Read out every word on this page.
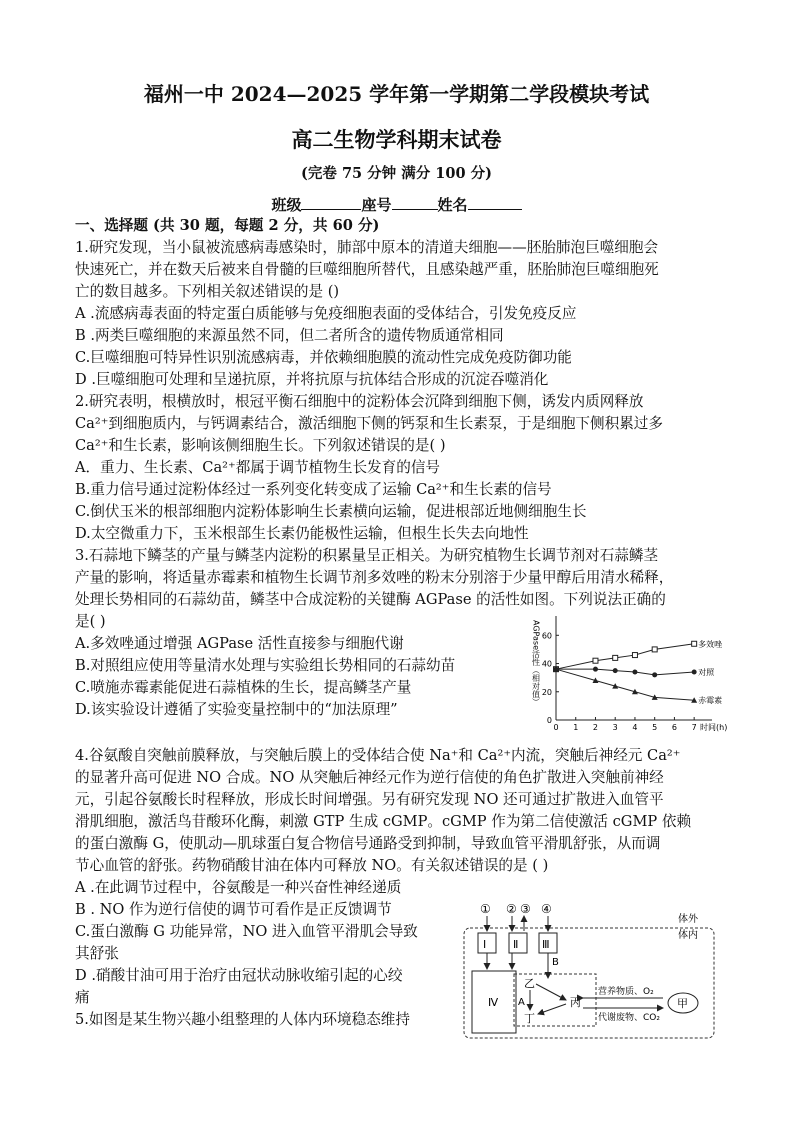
福州一中 2024—2025 学年第一学期第二学段模块考试
高二生物学科期末试卷
(完卷 75 分钟 满分 100 分)
班级	座号	姓名
一、选择题 (共 30 题，每题 2 分，共 60 分)
1.研究发现，当小鼠被流感病毒感染时，肺部中原本的清道夫细胞——胚胎肺泡巨噬细胞会
快速死亡，并在数天后被来自骨髓的巨噬细胞所替代，且感染越严重，胚胎肺泡巨噬细胞死
亡的数目越多。下列相关叙述错误的是 ()
A .流感病毒表面的特定蛋白质能够与免疫细胞表面的受体结合，引发免疫反应
B .两类巨噬细胞的来源虽然不同，但二者所含的遗传物质通常相同
C.巨噬细胞可特异性识别流感病毒，并依赖细胞膜的流动性完成免疫防御功能
D .巨噬细胞可处理和呈递抗原，并将抗原与抗体结合形成的沉淀吞噬消化
2.研究表明，根横放时，根冠平衡石细胞中的淀粉体会沉降到细胞下侧，诱发内质网释放
Ca²⁺到细胞质内，与钙调素结合，激活细胞下侧的钙泵和生长素泵，于是细胞下侧积累过多
Ca²⁺和生长素，影响该侧细胞生长。下列叙述错误的是( )
A．重力、生长素、Ca²⁺都属于调节植物生长发育的信号
B.重力信号通过淀粉体经过一系列变化转变成了运输 Ca²⁺和生长素的信号
C.倒伏玉米的根部细胞内淀粉体影响生长素横向运输，促进根部近地侧细胞生长
D.太空微重力下，玉米根部生长素仍能极性运输，但根生长失去向地性
3.石蒜地下鳞茎的产量与鳞茎内淀粉的积累量呈正相关。为研究植物生长调节剂对石蒜鳞茎
产量的影响，将适量赤霉素和植物生长调节剂多效唑的粉末分别溶于少量甲醇后用清水稀释，
处理长势相同的石蒜幼苗，鳞茎中合成淀粉的关键酶 AGPase 的活性如图。下列说法正确的
是( )
A.多效唑通过增强 AGPase 活性直接参与细胞代谢
B.对照组应使用等量清水处理与实验组长势相同的石蒜幼苗
C.喷施赤霉素能促进石蒜植株的生长，提高鳞茎产量
D.该实验设计遵循了实验变量控制中的“加法原理”
0
20
40
60
0 1 2 3 4 5 6 7 时间(h)
AGPase活性（相对值）	多效唑
对照
赤霉素
4.谷氨酸自突触前膜释放，与突触后膜上的受体结合使 Na⁺和 Ca²⁺内流，突触后神经元 Ca²⁺
的显著升高可促进 NO 合成。NO 从突触后神经元作为逆行信使的角色扩散进入突触前神经
元，引起谷氨酸长时程释放，形成长时间增强。另有研究发现 NO 还可通过扩散进入血管平
滑肌细胞，激活鸟苷酸环化酶，刺激 GTP 生成 cGMP。cGMP 作为第二信使激活 cGMP 依赖
的蛋白激酶 G，使肌动—肌球蛋白复合物信号通路受到抑制，导致血管平滑肌舒张，从而调
节心血管的舒张。药物硝酸甘油在体内可释放 NO。有关叙述错误的是 ( )
A .在此调节过程中，谷氨酸是一种兴奋性神经递质
B . NO 作为逆行信使的调节可看作是正反馈调节
C.蛋白激酶 G 功能异常，NO 进入血管平滑肌会导致
其舒张
D .硝酸甘油可用于治疗由冠状动脉收缩引起的心绞
痛
5.如图是某生物兴趣小组整理的人体内环境稳态维持
体外
体内
① ② ③ ④
Ⅰ Ⅱ Ⅲ
Ⅳ
乙
丁
丙
A
B
营养物质、O₂
代谢废物、CO₂
甲
